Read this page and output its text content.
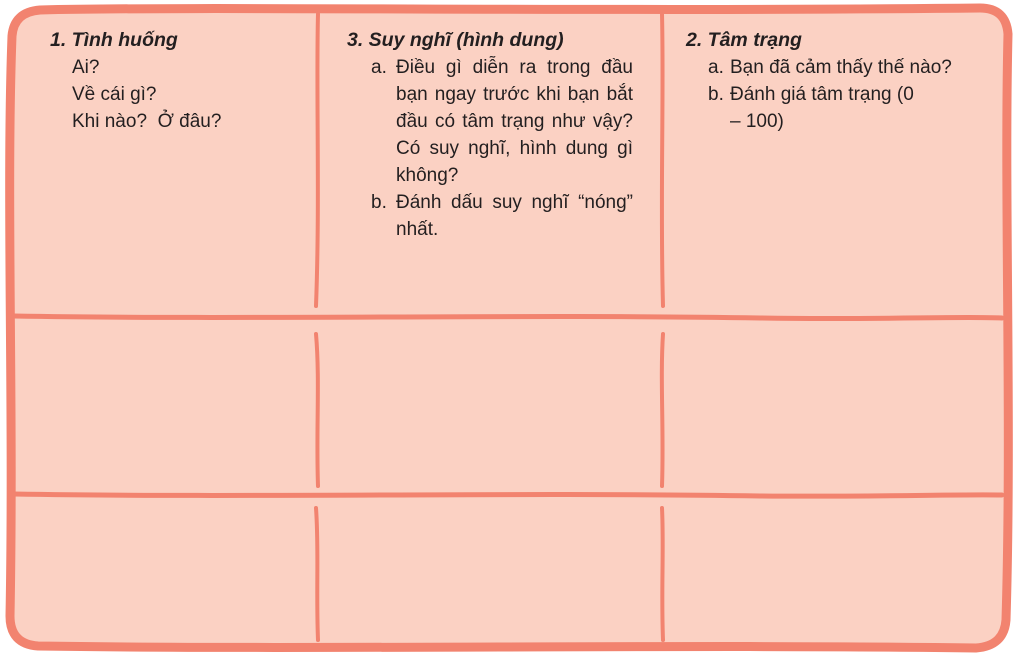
1. Tình huống
Ai?
Về cái gì?
Khi nào?  Ở đâu?
3. Suy nghĩ (hình dung)
a. Điều gì diễn ra trong đầu bạn ngay trước khi bạn bắt đầu có tâm trạng như vậy? Có suy nghĩ, hình dung gì không?
b. Đánh dấu suy nghĩ “nóng” nhất.
2. Tâm trạng
a. Bạn đã cảm thấy thế nào?
b. Đánh giá tâm trạng (0 – 100)
